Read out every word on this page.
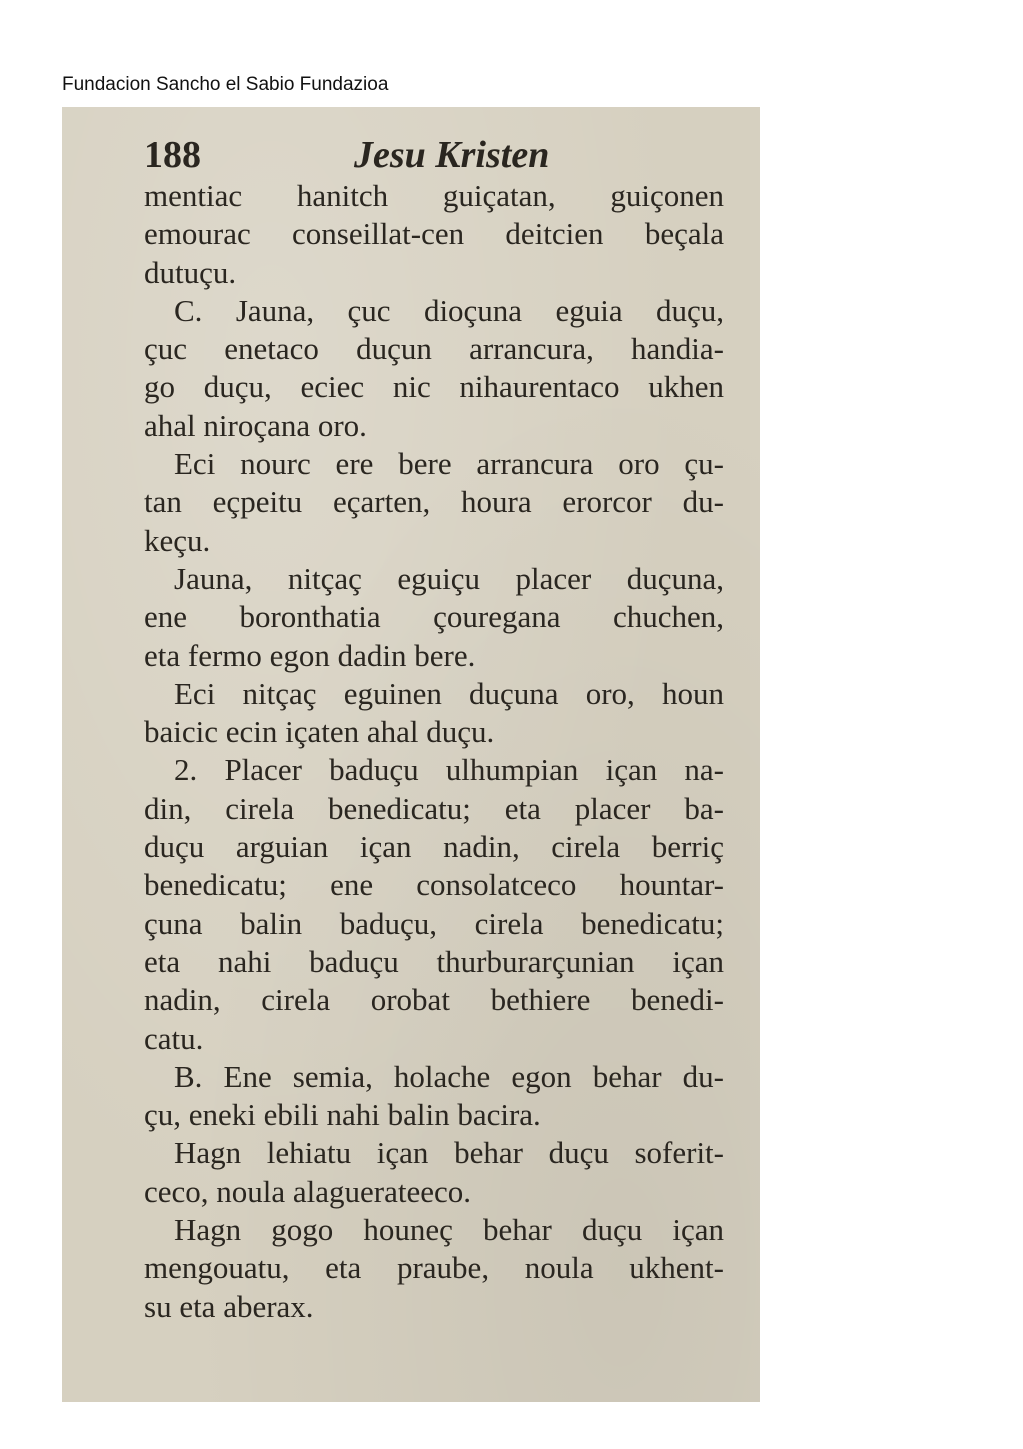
Fundacion Sancho el Sabio Fundazioa
188	Jesu Kristen
mentiac hanitch guiçatan, guiçonen
emourac conseillat-cen deitcien beçala
dutuçu.
C. Jauna, çuc dioçuna eguia duçu,
çuc enetaco duçun arrancura, handia-
go duçu, eciec nic nihaurentaco ukhen
ahal niroçana oro.
Eci nourc ere bere arrancura oro çu-
tan eçpeitu eçarten, houra erorcor du-
keçu.
Jauna, nitçaç eguiçu placer duçuna,
ene boronthatia çouregana chuchen,
eta fermo egon dadin bere.
Eci nitçaç eguinen duçuna oro, houn
baicic ecin içaten ahal duçu.
2. Placer baduçu ulhumpian içan na-
din, cirela benedicatu; eta placer ba-
duçu arguian içan nadin, cirela berriç
benedicatu; ene consolatceco hountar-
çuna balin baduçu, cirela benedicatu;
eta nahi baduçu thurburarçunian içan
nadin, cirela orobat bethiere benedi-
catu.
B. Ene semia, holache egon behar du-
çu, eneki ebili nahi balin bacira.
Hagn lehiatu içan behar duçu soferit-
ceco, noula alaguerateeco.
Hagn gogo houneç behar duçu içan
mengouatu, eta praube, noula ukhent-
su eta aberax.
